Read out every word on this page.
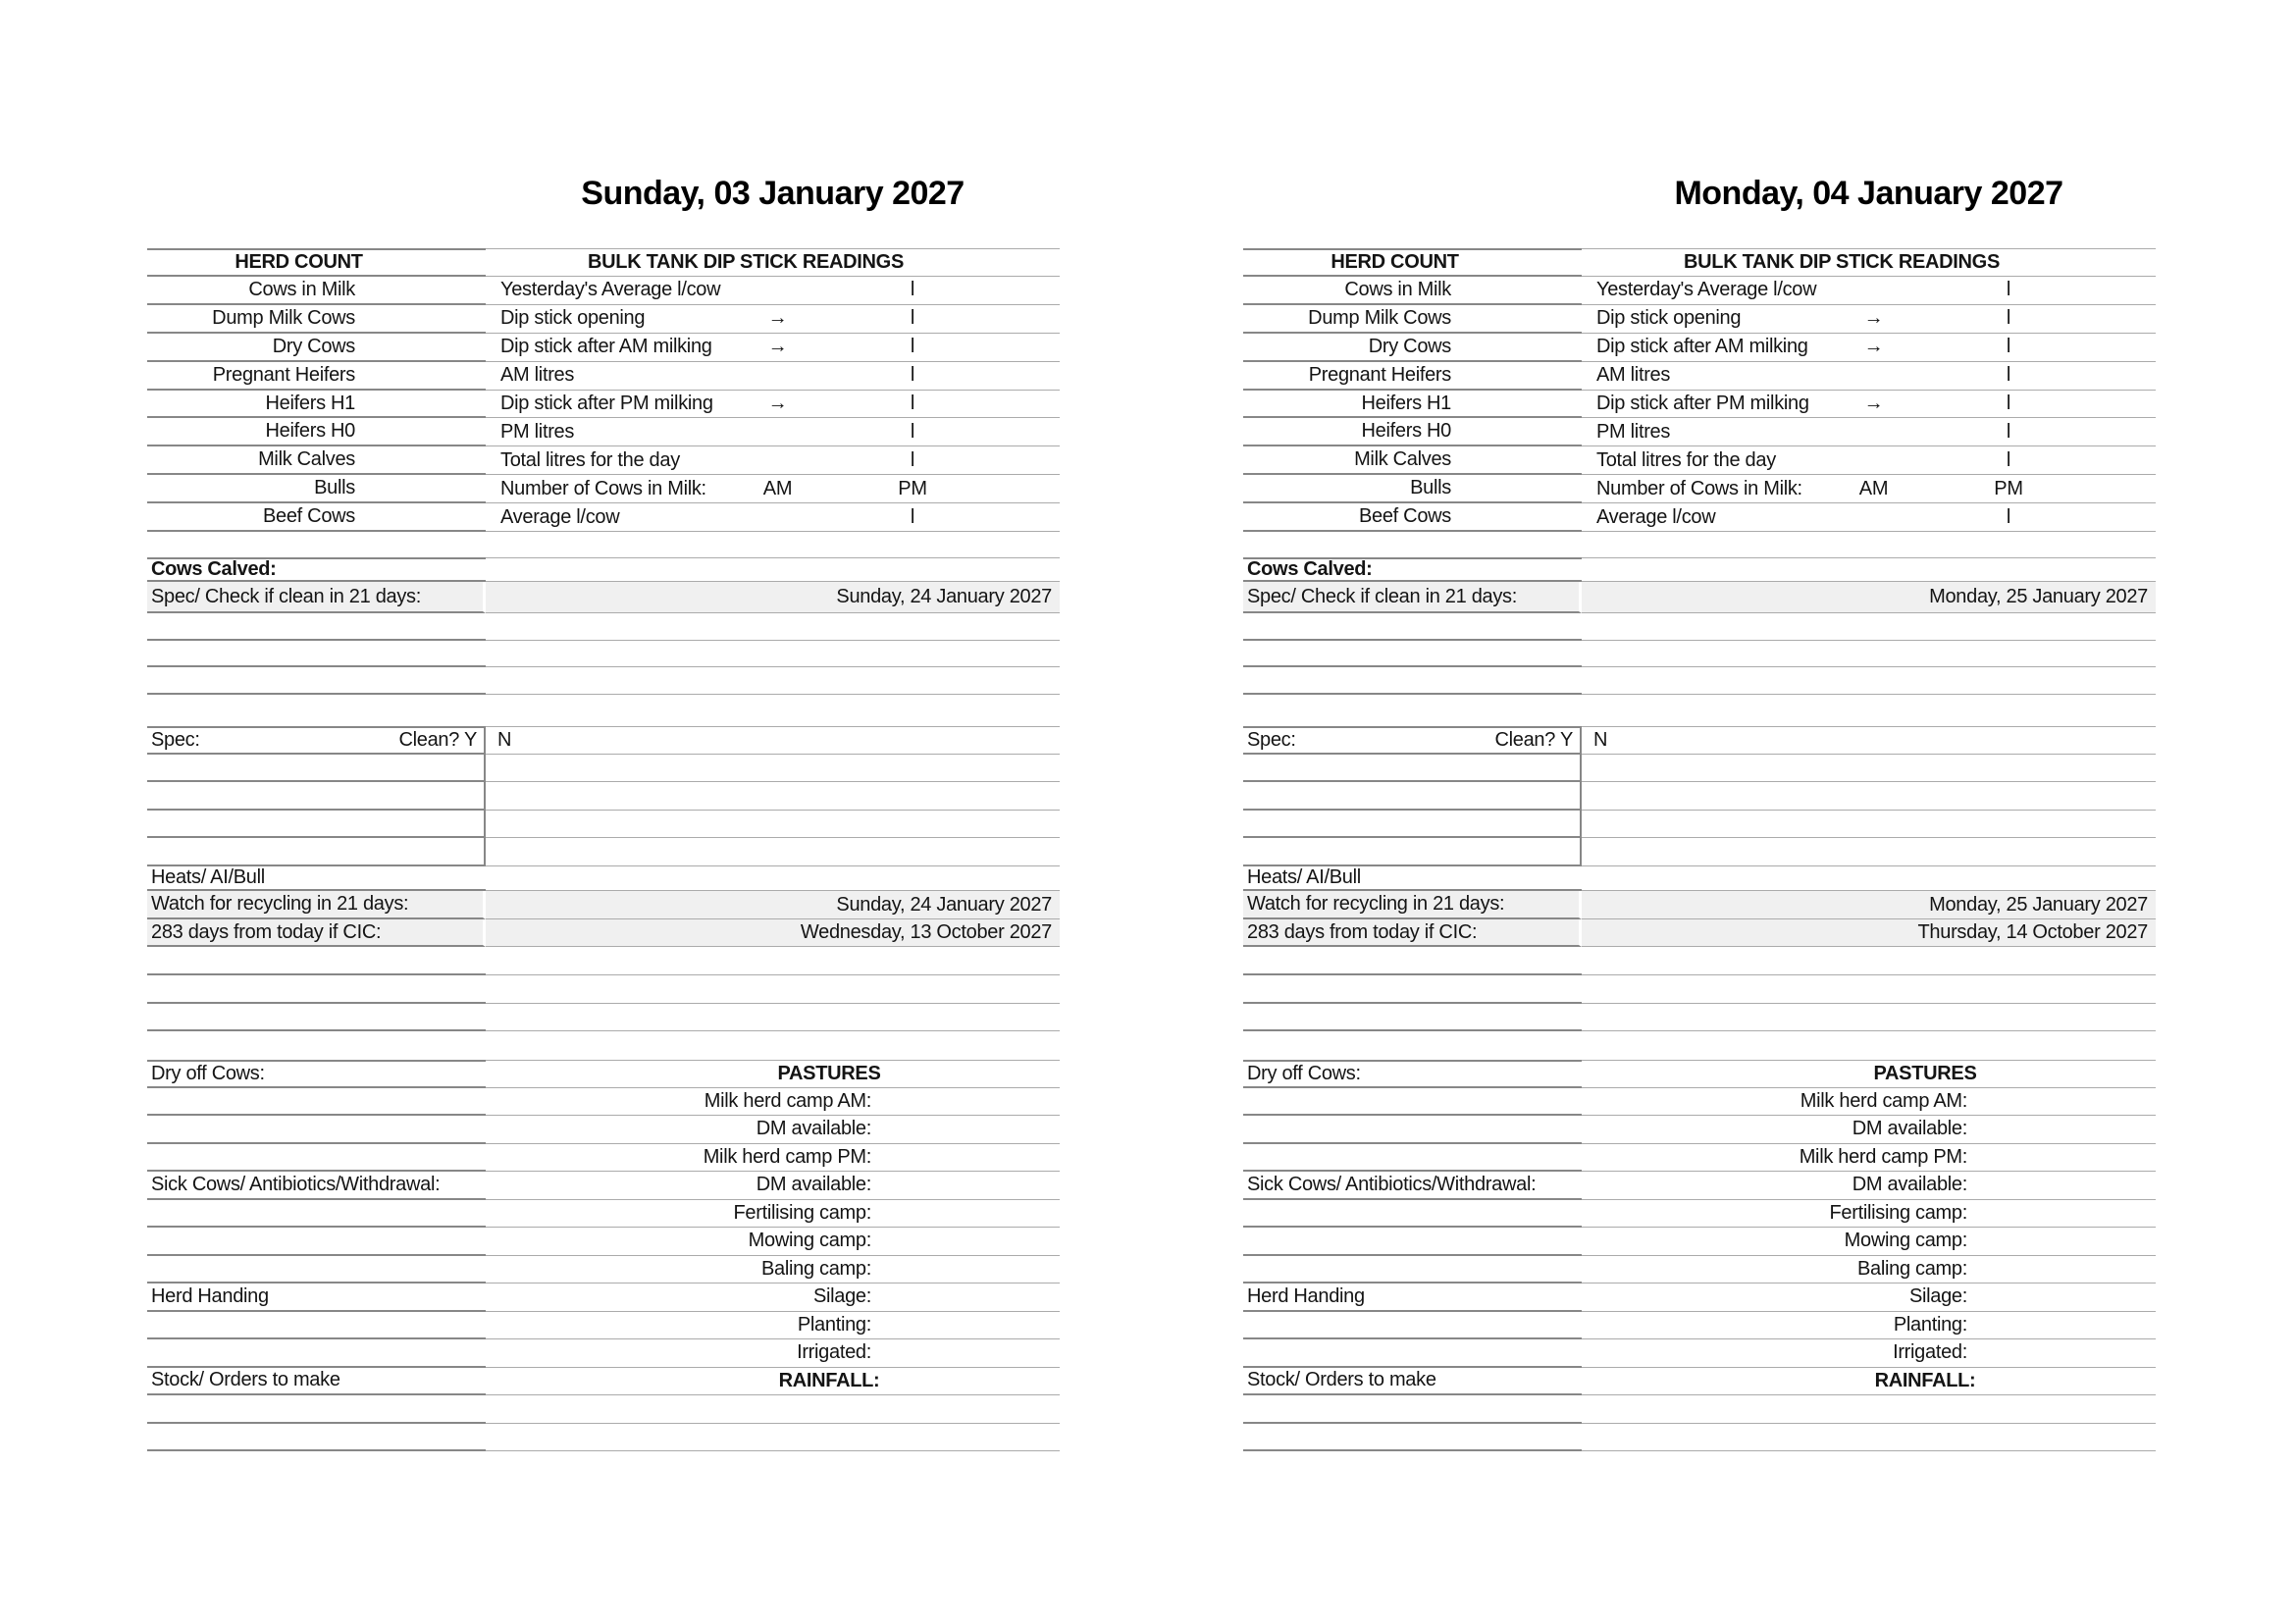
Sunday, 03 January 2027
HERD COUNT	BULK TANK DIP STICK READINGS
Cows in Milk	Yesterday's Average l/cow	l
Dump Milk Cows	Dip stick opening	→	l
Dry Cows	Dip stick after AM milking	→	l
Pregnant Heifers	AM litres	l
Heifers H1	Dip stick after PM milking	→	l
Heifers H0	PM litres	l
Milk Calves	Total litres for the day	l
Bulls	Number of Cows in Milk:	AM	PM
Beef Cows	Average l/cow	l
Cows Calved:
Spec/ Check if clean in 21 days:	Sunday, 24 January 2027
Spec:	Clean? Y	N
Heats/ AI/Bull
Watch for recycling in 21 days:	Sunday, 24 January 2027
283 days from today if CIC:	Wednesday, 13 October 2027
Dry off Cows:	PASTURES
Milk herd camp AM:
DM available:
Milk herd camp PM:
Sick Cows/ Antibiotics/Withdrawal:	DM available:
Fertilising camp:
Mowing camp:
Baling camp:
Herd Handing	Silage:
Planting:
Irrigated:
Stock/ Orders to make	RAINFALL:
Monday, 04 January 2027
HERD COUNT	BULK TANK DIP STICK READINGS
Cows in Milk	Yesterday's Average l/cow	l
Dump Milk Cows	Dip stick opening	→	l
Dry Cows	Dip stick after AM milking	→	l
Pregnant Heifers	AM litres	l
Heifers H1	Dip stick after PM milking	→	l
Heifers H0	PM litres	l
Milk Calves	Total litres for the day	l
Bulls	Number of Cows in Milk:	AM	PM
Beef Cows	Average l/cow	l
Cows Calved:
Spec/ Check if clean in 21 days:	Monday, 25 January 2027
Spec:	Clean? Y	N
Heats/ AI/Bull
Watch for recycling in 21 days:	Monday, 25 January 2027
283 days from today if CIC:	Thursday, 14 October 2027
Dry off Cows:	PASTURES
Milk herd camp AM:
DM available:
Milk herd camp PM:
Sick Cows/ Antibiotics/Withdrawal:	DM available:
Fertilising camp:
Mowing camp:
Baling camp:
Herd Handing	Silage:
Planting:
Irrigated:
Stock/ Orders to make	RAINFALL:
